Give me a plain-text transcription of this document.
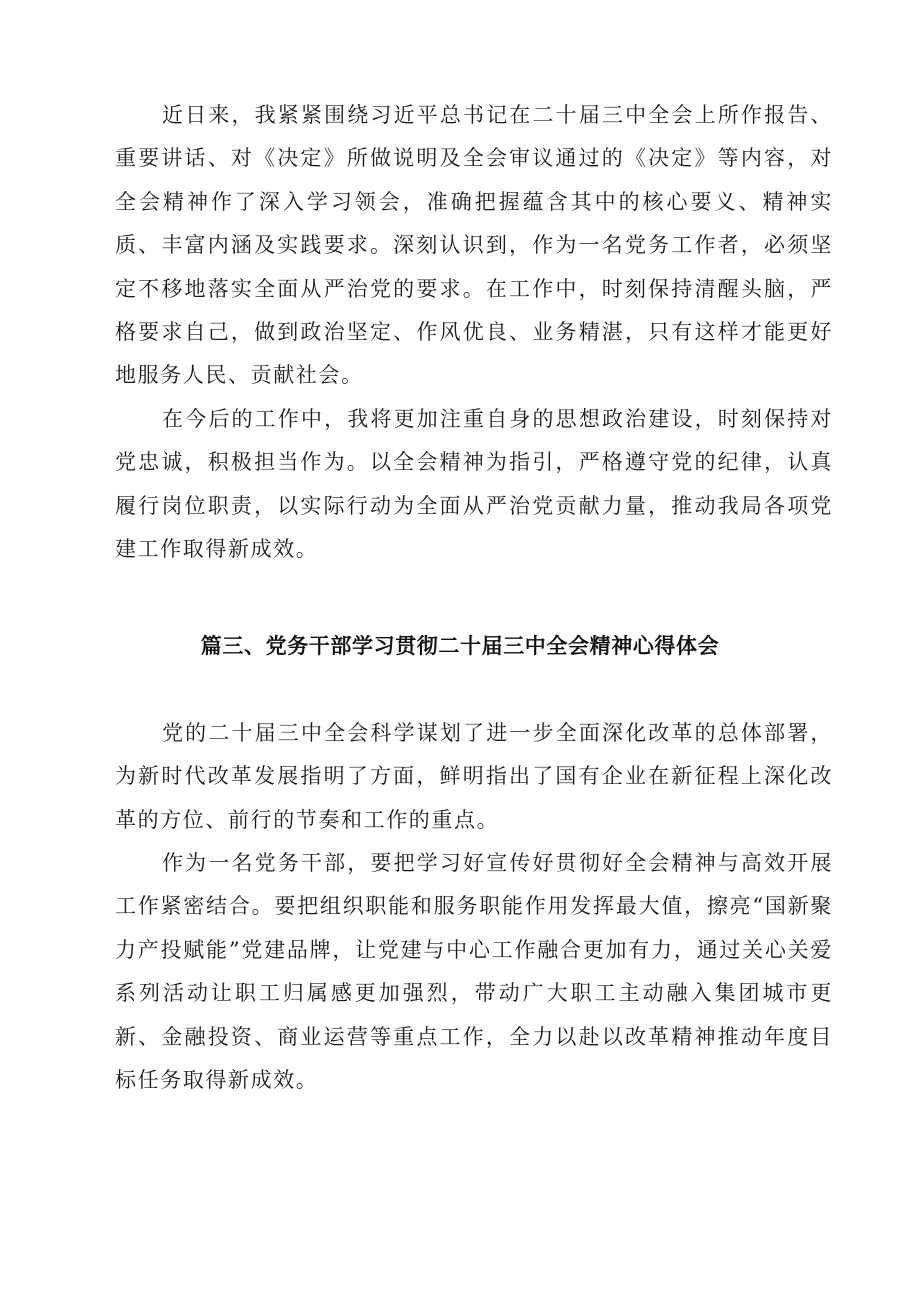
近日来，我紧紧围绕习近平总书记在二十届三中全会上所作报告、重要讲话、对《决定》所做说明及全会审议通过的《决定》等内容，对全会精神作了深入学习领会，准确把握蕴含其中的核心要义、精神实质、丰富内涵及实践要求。深刻认识到，作为一名党务工作者，必须坚定不移地落实全面从严治党的要求。在工作中，时刻保持清醒头脑，严格要求自己，做到政治坚定、作风优良、业务精湛，只有这样才能更好地服务人民、贡献社会。

在今后的工作中，我将更加注重自身的思想政治建设，时刻保持对党忠诚，积极担当作为。以全会精神为指引，严格遵守党的纪律，认真履行岗位职责，以实际行动为全面从严治党贡献力量，推动我局各项党建工作取得新成效。

篇三、党务干部学习贯彻二十届三中全会精神心得体会

党的二十届三中全会科学谋划了进一步全面深化改革的总体部署，为新时代改革发展指明了方面，鲜明指出了国有企业在新征程上深化改革的方位、前行的节奏和工作的重点。

作为一名党务干部，要把学习好宣传好贯彻好全会精神与高效开展工作紧密结合。要把组织职能和服务职能作用发挥最大值，擦亮“国新聚力产投赋能”党建品牌，让党建与中心工作融合更加有力，通过关心关爱系列活动让职工归属感更加强烈，带动广大职工主动融入集团城市更新、金融投资、商业运营等重点工作，全力以赴以改革精神推动年度目标任务取得新成效。
